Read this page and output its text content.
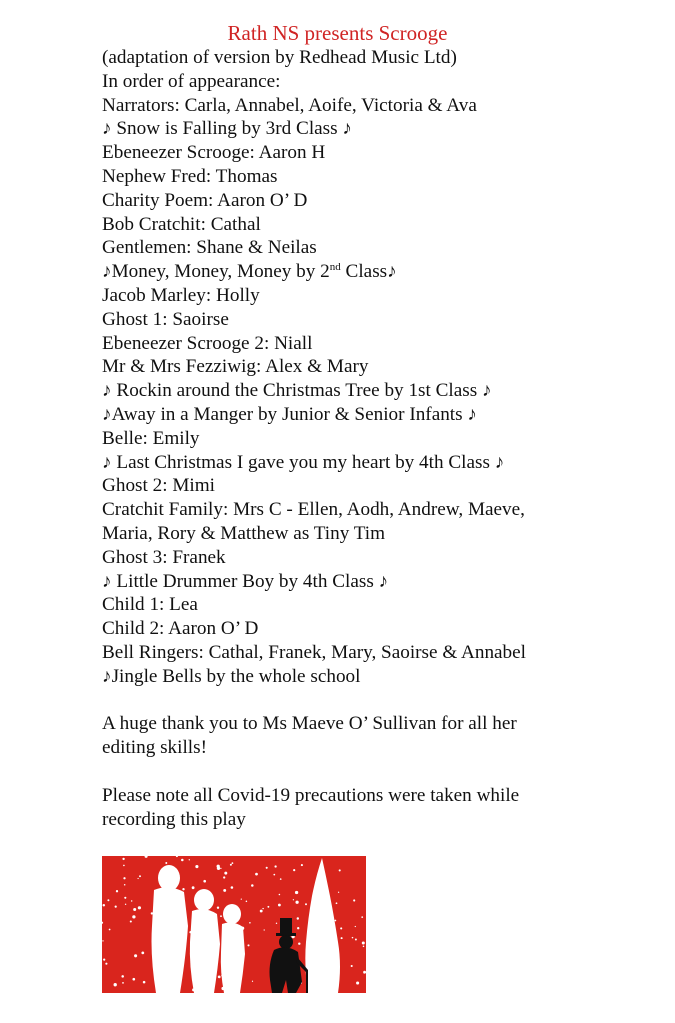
Rath NS presents Scrooge
(adaptation of version by Redhead Music Ltd)
In order of appearance:
Narrators: Carla, Annabel, Aoife, Victoria & Ava
♪ Snow is Falling by 3rd Class ♪
Ebeneezer Scrooge: Aaron H
Nephew Fred: Thomas
Charity Poem: Aaron O’ D
Bob Cratchit: Cathal
Gentlemen: Shane & Neilas
♪Money, Money, Money by 2nd Class♪
Jacob Marley: Holly
Ghost 1: Saoirse
Ebeneezer Scrooge 2: Niall
Mr & Mrs Fezziwig: Alex & Mary
♪ Rockin around the Christmas Tree by 1st Class ♪
♪Away in a Manger by Junior & Senior Infants ♪
Belle: Emily
♪ Last Christmas I gave you my heart by 4th Class ♪
Ghost 2: Mimi
Cratchit Family: Mrs C - Ellen, Aodh, Andrew, Maeve,
Maria, Rory & Matthew as Tiny Tim
Ghost 3: Franek
♪ Little Drummer Boy by 4th Class ♪
Child 1: Lea
Child 2: Aaron O’ D
Bell Ringers: Cathal, Franek, Mary, Saoirse & Annabel
♪Jingle Bells by the whole school
A huge thank you to Ms Maeve O’ Sullivan for all her editing skills!
Please note all Covid-19 precautions were taken while recording this play
